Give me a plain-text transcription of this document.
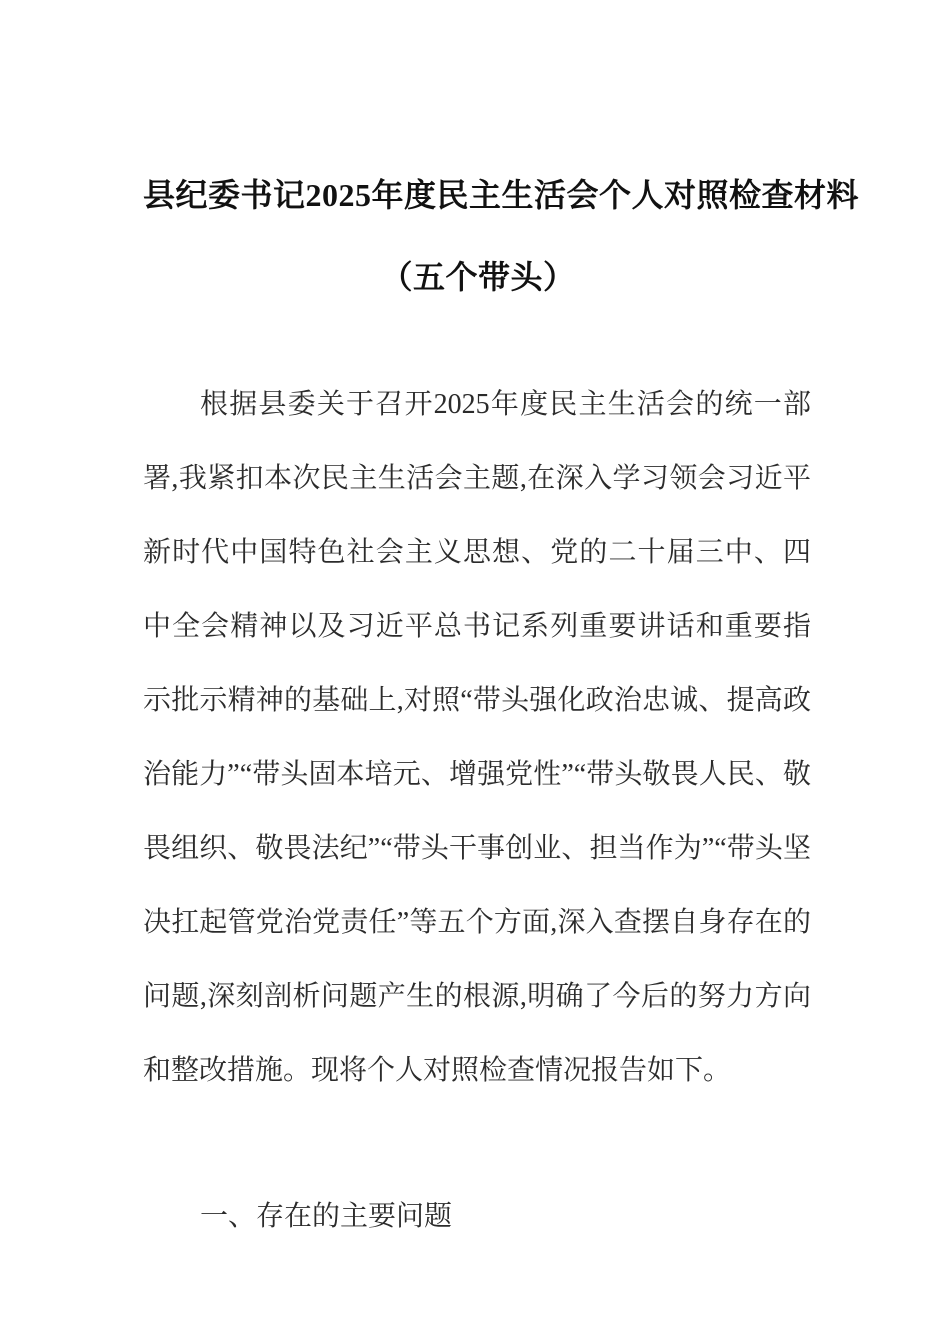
县纪委书记2025年度民主生活会个人对照检查材料
（五个带头）

根据县委关于召开2025年度民主生活会的统一部署,我紧扣本次民主生活会主题,在深入学习领会习近平新时代中国特色社会主义思想、党的二十届三中、四中全会精神以及习近平总书记系列重要讲话和重要指示批示精神的基础上,对照“带头强化政治忠诚、提高政治能力”“带头固本培元、增强党性”“带头敬畏人民、敬畏组织、敬畏法纪”“带头干事创业、担当作为”“带头坚决扛起管党治党责任”等五个方面,深入查摆自身存在的问题,深刻剖析问题产生的根源,明确了今后的努力方向和整改措施。现将个人对照检查情况报告如下。

一、存在的主要问题
